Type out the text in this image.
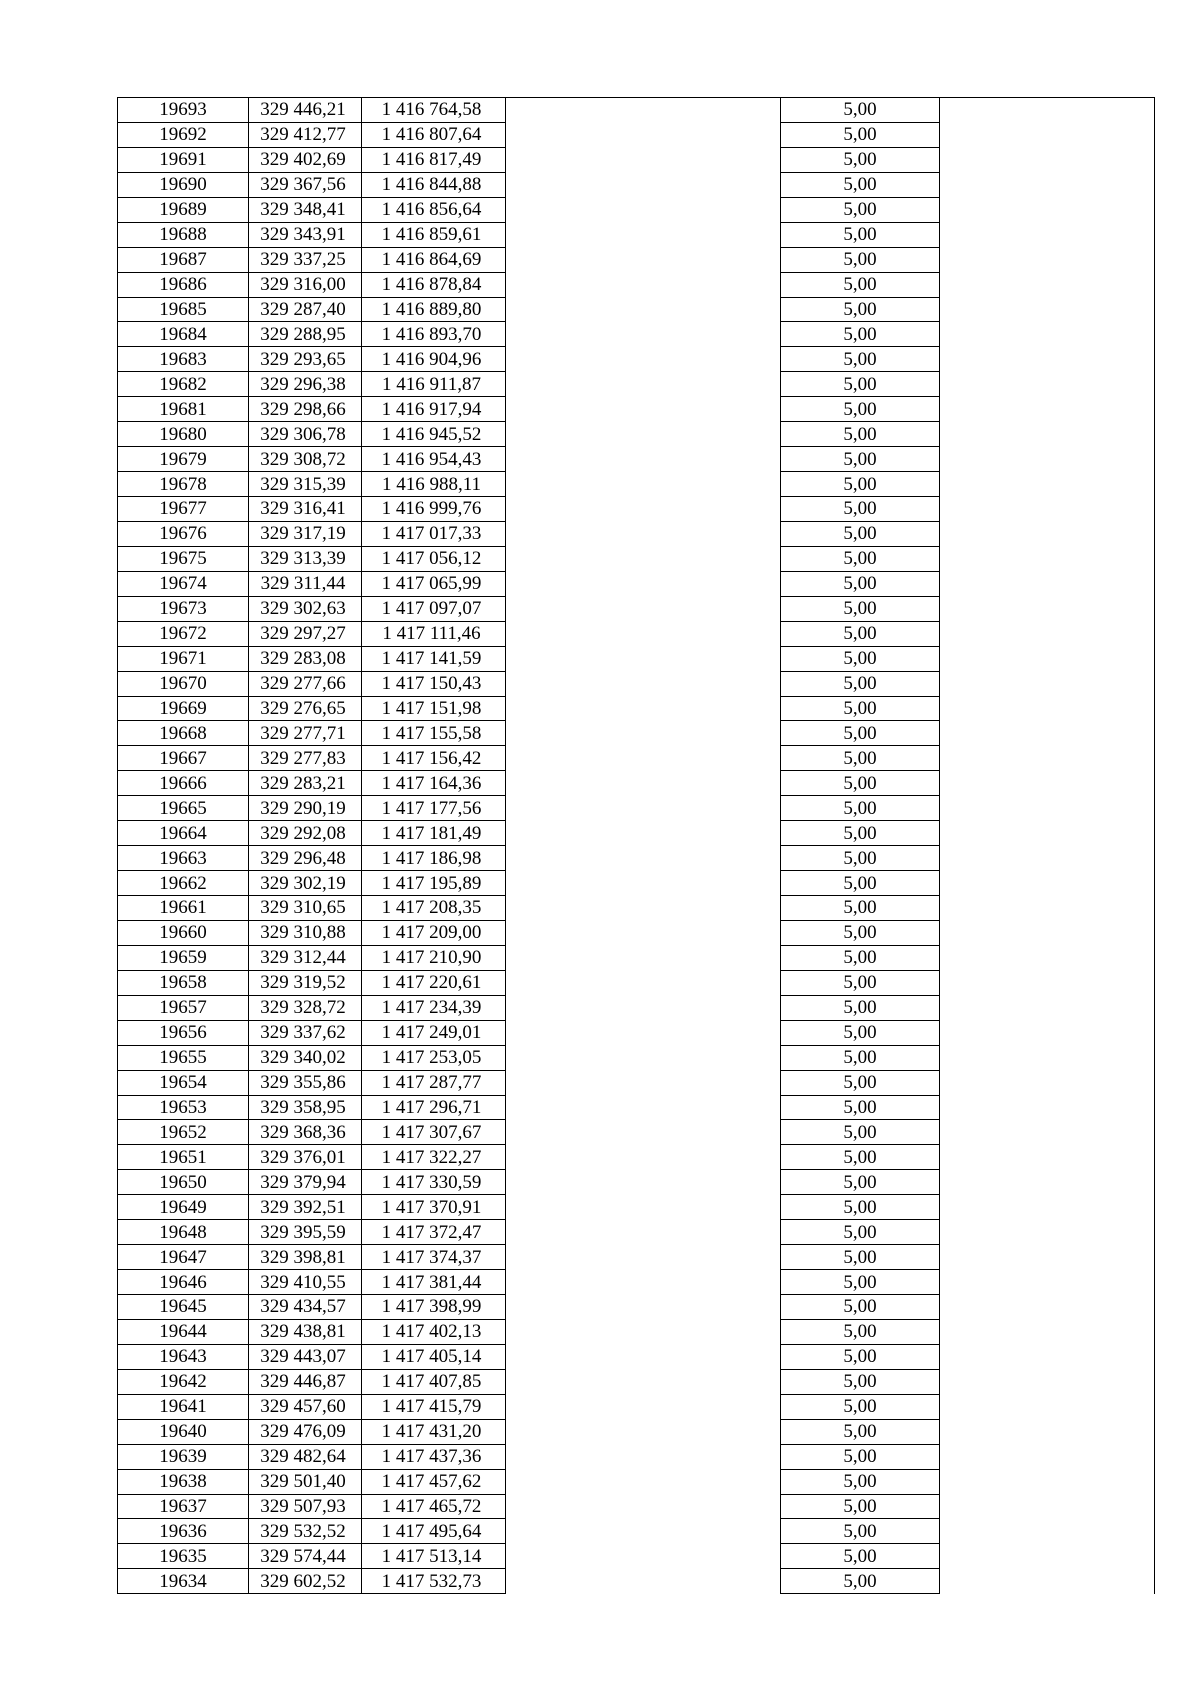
19693	329 446,21	1 416 764,58		5,00	
19692	329 412,77	1 416 807,64		5,00	
19691	329 402,69	1 416 817,49		5,00	
19690	329 367,56	1 416 844,88		5,00	
19689	329 348,41	1 416 856,64		5,00	
19688	329 343,91	1 416 859,61		5,00	
19687	329 337,25	1 416 864,69		5,00	
19686	329 316,00	1 416 878,84		5,00	
19685	329 287,40	1 416 889,80		5,00	
19684	329 288,95	1 416 893,70		5,00	
19683	329 293,65	1 416 904,96		5,00	
19682	329 296,38	1 416 911,87		5,00	
19681	329 298,66	1 416 917,94		5,00	
19680	329 306,78	1 416 945,52		5,00	
19679	329 308,72	1 416 954,43		5,00	
19678	329 315,39	1 416 988,11		5,00	
19677	329 316,41	1 416 999,76		5,00	
19676	329 317,19	1 417 017,33		5,00	
19675	329 313,39	1 417 056,12		5,00	
19674	329 311,44	1 417 065,99		5,00	
19673	329 302,63	1 417 097,07		5,00	
19672	329 297,27	1 417 111,46		5,00	
19671	329 283,08	1 417 141,59		5,00	
19670	329 277,66	1 417 150,43		5,00	
19669	329 276,65	1 417 151,98		5,00	
19668	329 277,71	1 417 155,58		5,00	
19667	329 277,83	1 417 156,42		5,00	
19666	329 283,21	1 417 164,36		5,00	
19665	329 290,19	1 417 177,56		5,00	
19664	329 292,08	1 417 181,49		5,00	
19663	329 296,48	1 417 186,98		5,00	
19662	329 302,19	1 417 195,89		5,00	
19661	329 310,65	1 417 208,35		5,00	
19660	329 310,88	1 417 209,00		5,00	
19659	329 312,44	1 417 210,90		5,00	
19658	329 319,52	1 417 220,61		5,00	
19657	329 328,72	1 417 234,39		5,00	
19656	329 337,62	1 417 249,01		5,00	
19655	329 340,02	1 417 253,05		5,00	
19654	329 355,86	1 417 287,77		5,00	
19653	329 358,95	1 417 296,71		5,00	
19652	329 368,36	1 417 307,67		5,00	
19651	329 376,01	1 417 322,27		5,00	
19650	329 379,94	1 417 330,59		5,00	
19649	329 392,51	1 417 370,91		5,00	
19648	329 395,59	1 417 372,47		5,00	
19647	329 398,81	1 417 374,37		5,00	
19646	329 410,55	1 417 381,44		5,00	
19645	329 434,57	1 417 398,99		5,00	
19644	329 438,81	1 417 402,13		5,00	
19643	329 443,07	1 417 405,14		5,00	
19642	329 446,87	1 417 407,85		5,00	
19641	329 457,60	1 417 415,79		5,00	
19640	329 476,09	1 417 431,20		5,00	
19639	329 482,64	1 417 437,36		5,00	
19638	329 501,40	1 417 457,62		5,00	
19637	329 507,93	1 417 465,72		5,00	
19636	329 532,52	1 417 495,64		5,00	
19635	329 574,44	1 417 513,14		5,00	
19634	329 602,52	1 417 532,73		5,00	
